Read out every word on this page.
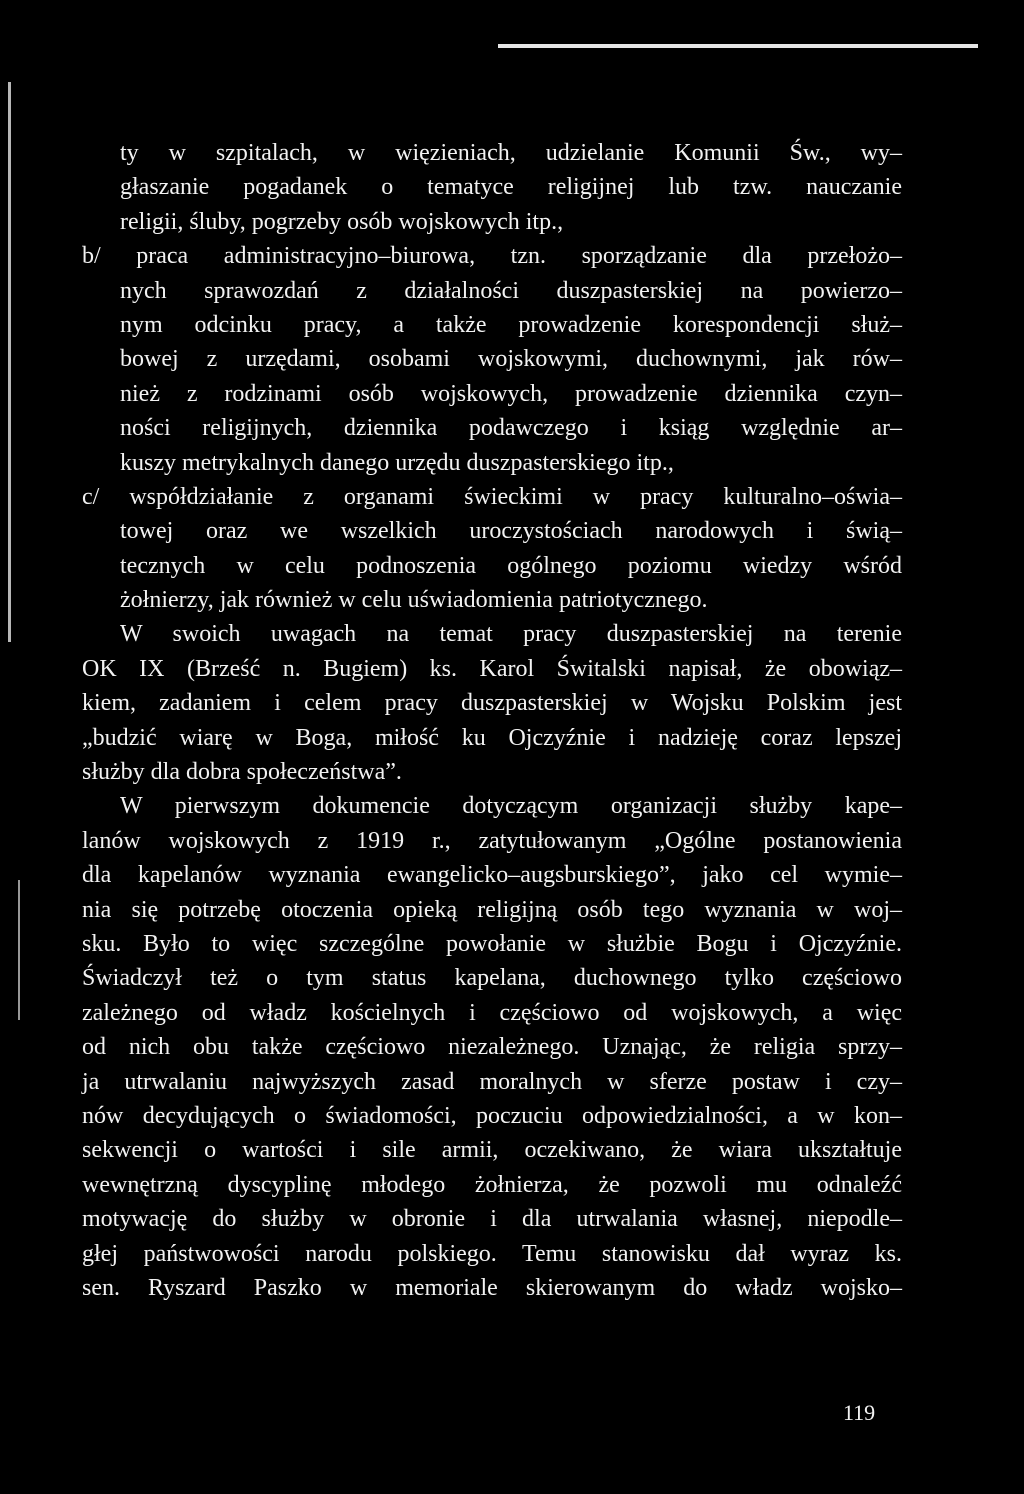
ty w szpitalach, w więzieniach, udzielanie Komunii Św., wy–
głaszanie pogadanek o tematyce religijnej lub tzw. nauczanie
religii, śluby, pogrzeby osób wojskowych itp.,
b/ praca administracyjno–biurowa, tzn. sporządzanie dla przełożo–
nych sprawozdań z działalności duszpasterskiej na powierzo–
nym odcinku pracy, a także prowadzenie korespondencji służ–
bowej z urzędami, osobami wojskowymi, duchownymi, jak rów–
nież z rodzinami osób wojskowych, prowadzenie dziennika czyn–
ności religijnych, dziennika podawczego i ksiąg względnie ar–
kuszy metrykalnych danego urzędu duszpasterskiego itp.,
c/ współdziałanie z organami świeckimi w pracy kulturalno–oświa–
towej oraz we wszelkich uroczystościach narodowych i świą–
tecznych w celu podnoszenia ogólnego poziomu wiedzy wśród
żołnierzy, jak również w celu uświadomienia patriotycznego.
W swoich uwagach na temat pracy duszpasterskiej na terenie
OK IX (Brześć n. Bugiem) ks. Karol Świtalski napisał, że obowiąz–
kiem, zadaniem i celem pracy duszpasterskiej w Wojsku Polskim jest
„budzić wiarę w Boga, miłość ku Ojczyźnie i nadzieję coraz lepszej
służby dla dobra społeczeństwa”.
W pierwszym dokumencie dotyczącym organizacji służby kape–
lanów wojskowych z 1919 r., zatytułowanym „Ogólne postanowienia
dla kapelanów wyznania ewangelicko–augsburskiego”, jako cel wymie–
nia się potrzebę otoczenia opieką religijną osób tego wyznania w woj–
sku. Było to więc szczególne powołanie w służbie Bogu i Ojczyźnie.
Świadczył też o tym status kapelana, duchownego tylko częściowo
zależnego od władz kościelnych i częściowo od wojskowych, a więc
od nich obu także częściowo niezależnego. Uznając, że religia sprzy–
ja utrwalaniu najwyższych zasad moralnych w sferze postaw i czy–
nów decydujących o świadomości, poczuciu odpowiedzialności, a w kon–
sekwencji o wartości i sile armii, oczekiwano, że wiara ukształtuje
wewnętrzną dyscyplinę młodego żołnierza, że pozwoli mu odnaleźć
motywację do służby w obronie i dla utrwalania własnej, niepodle–
głej państwowości narodu polskiego. Temu stanowisku dał wyraz ks.
sen. Ryszard Paszko w memoriale skierowanym do władz wojsko–
119
